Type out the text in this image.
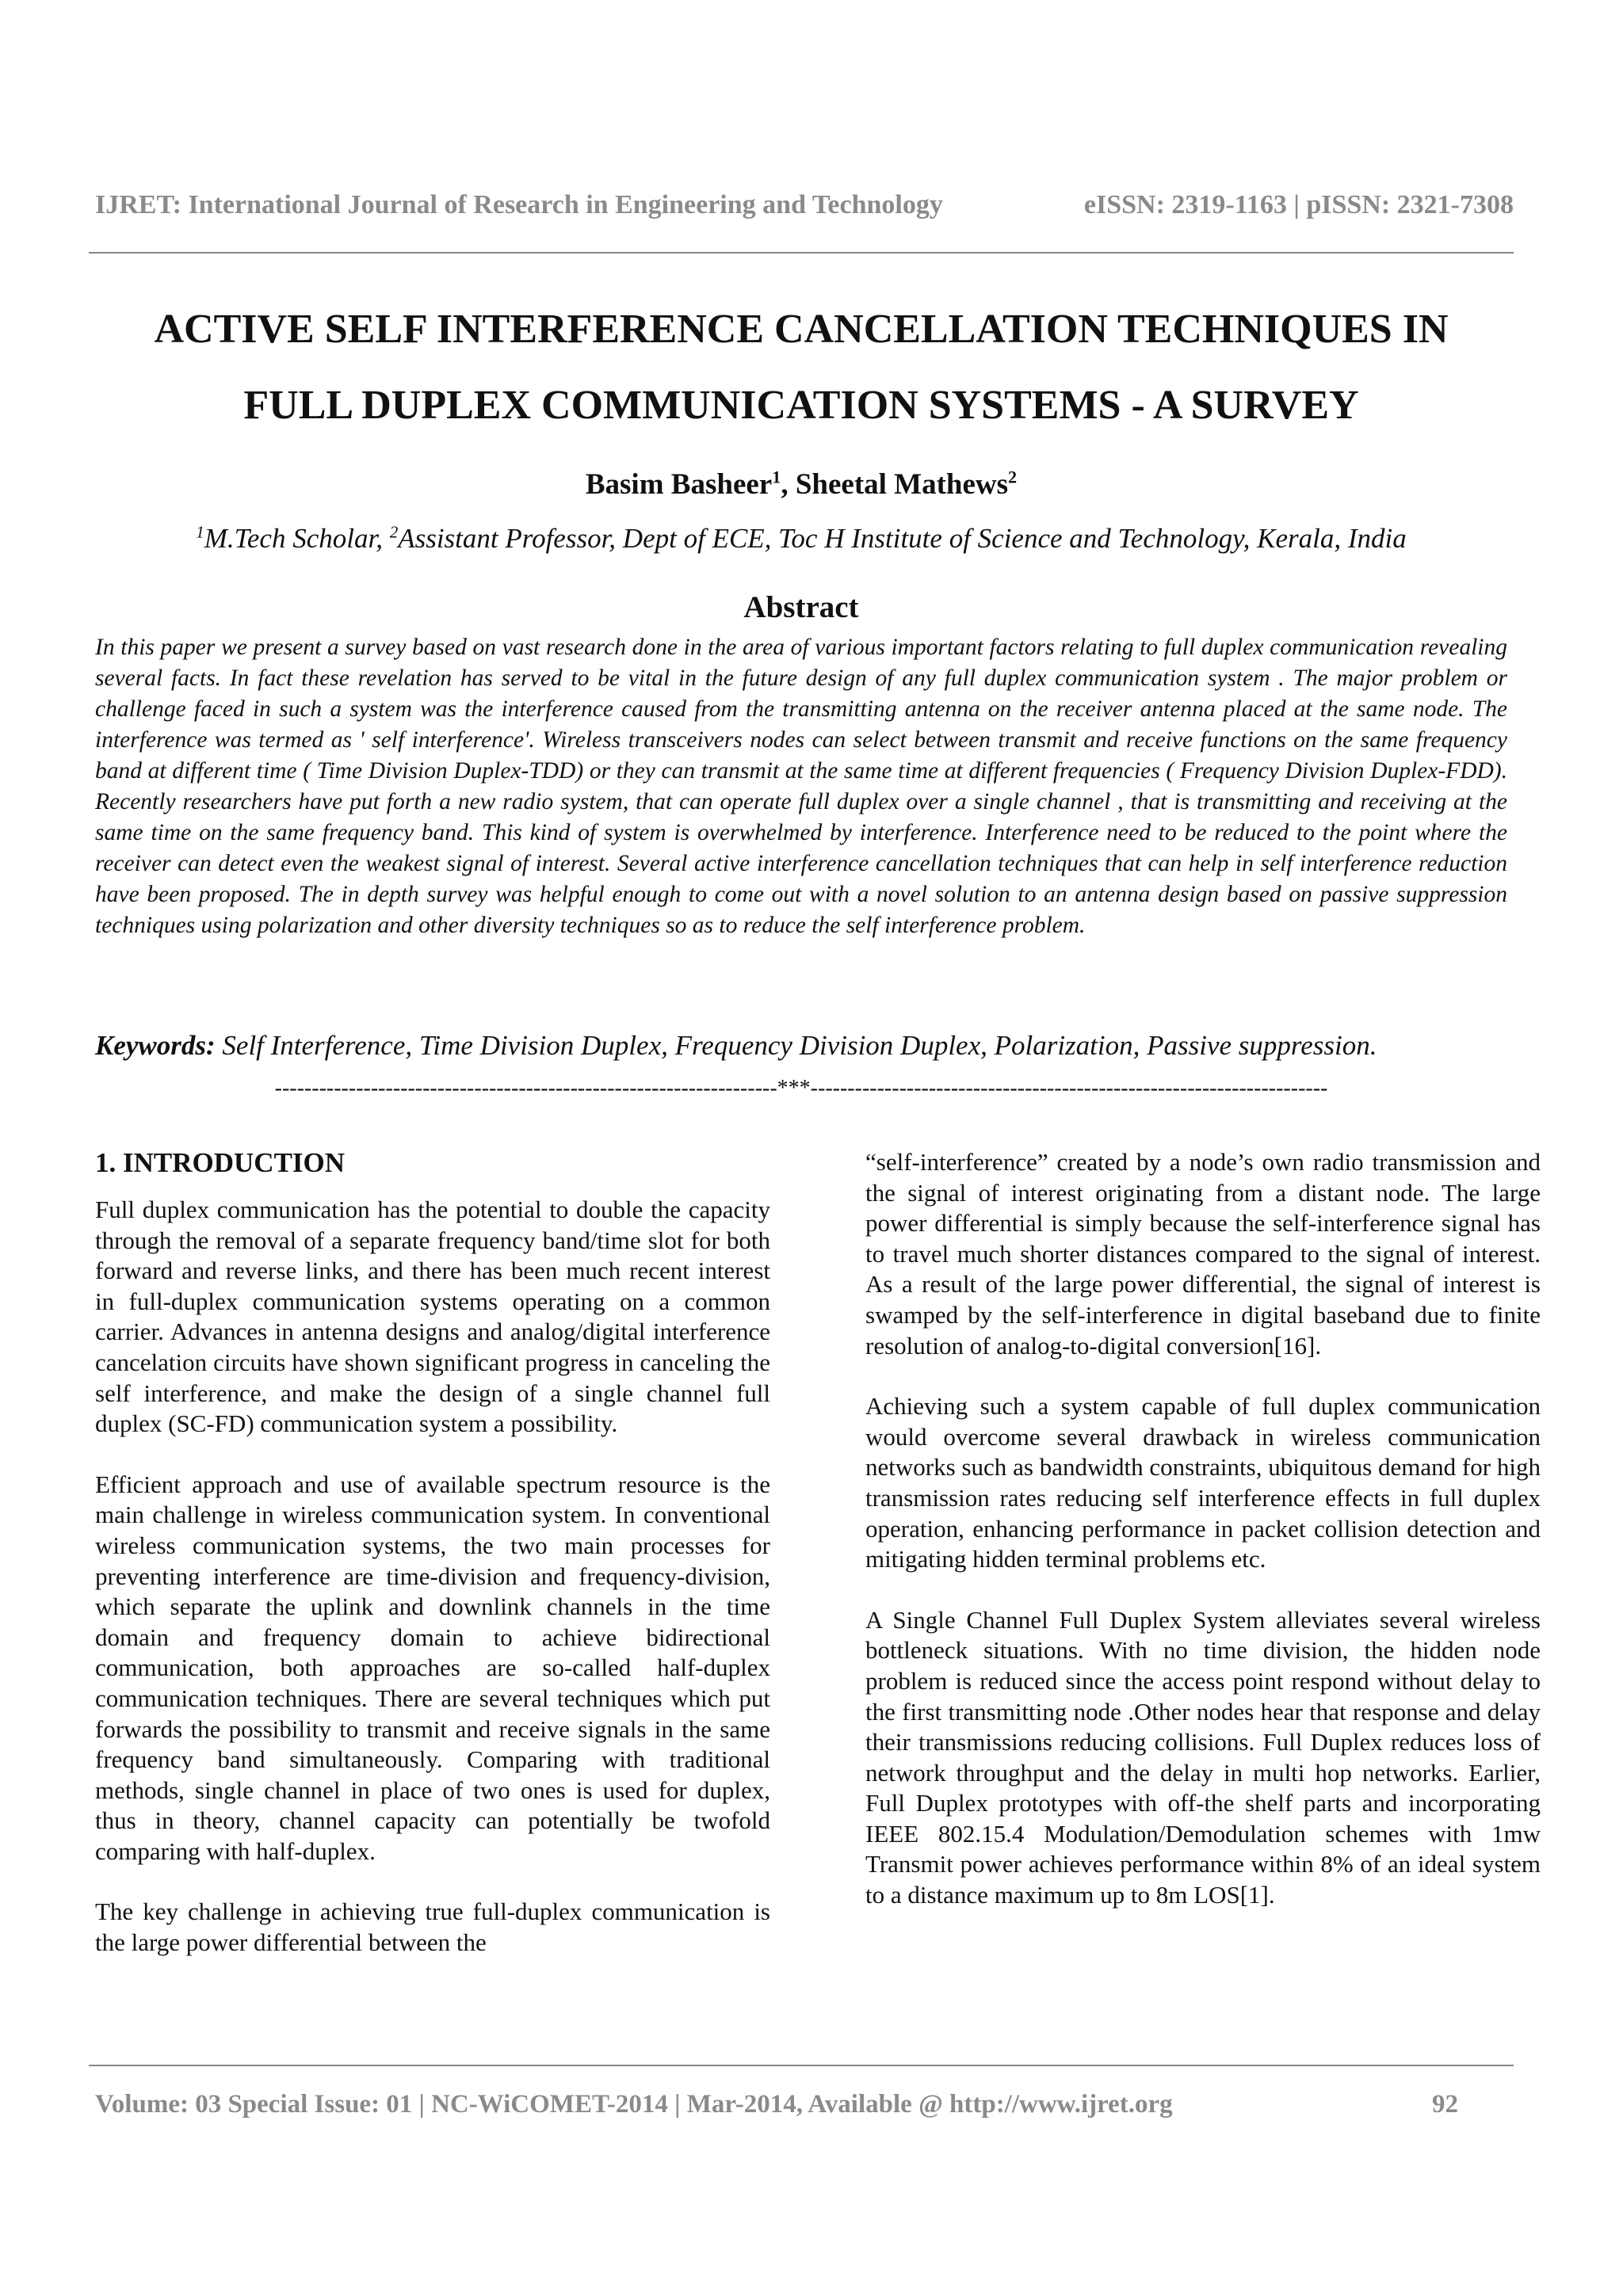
IJRET: International Journal of Research in Engineering and Technology	eISSN: 2319-1163 | pISSN: 2321-7308
ACTIVE SELF INTERFERENCE CANCELLATION TECHNIQUES IN
FULL DUPLEX COMMUNICATION SYSTEMS - A SURVEY
Basim Basheer$^1$, Sheetal Mathews$^2$
$^1$M.Tech Scholar, $^2$Assistant Professor, Dept of ECE, Toc H Institute of Science and Technology, Kerala, India
Abstract

In this paper we present a survey based on vast research done in the area of various important factors relating to full duplex communication revealing several facts. In fact these revelation has served to be vital in the future design of any full duplex communication system . The major problem or challenge faced in such a system was the interference caused from the transmitting antenna on the receiver antenna placed at the same node. The interference was termed as ' self interference'. Wireless transceivers nodes can select between transmit and receive functions on the same frequency band at different time ( Time Division Duplex-TDD) or they can transmit at the same time at different frequencies ( Frequency Division Duplex-FDD). Recently researchers have put forth a new radio system, that can operate full duplex over a single channel , that is transmitting and receiving at the same time on the same frequency band. This kind of system is overwhelmed by interference. Interference need to be reduced to the point where the receiver can detect even the weakest signal of interest. Several active interference cancellation techniques that can help in self interference reduction have been proposed. The in depth survey was helpful enough to come out with a novel solution to an antenna design based on passive suppression techniques using polarization and other diversity techniques so as to reduce the self interference problem.

Keywords: Self Interference, Time Division Duplex, Frequency Division Duplex, Polarization, Passive suppression.

--------------------------------------------------------------------***----------------------------------------------------------------------
1. INTRODUCTION

Full duplex communication has the potential to double the capacity through the removal of a separate frequency band/time slot for both forward and reverse links, and there has been much recent interest in full-duplex communication systems operating on a common carrier. Advances in antenna designs and analog/digital interference cancelation circuits have shown significant progress in canceling the self interference, and make the design of a single channel full duplex (SC-FD) communication system a possibility.

Efficient approach and use of available spectrum resource is the main challenge in wireless communication system. In conventional wireless communication systems, the two main processes for preventing interference are time-division and frequency-division, which separate the uplink and downlink channels in the time domain and frequency domain to achieve bidirectional communication, both approaches are so-called half-duplex communication techniques. There are several techniques which put forwards the possibility to transmit and receive signals in the same frequency band simultaneously. Comparing with traditional methods, single channel in place of two ones is used for duplex, thus in theory, channel capacity can potentially be twofold comparing with half-duplex.

The key challenge in achieving true full-duplex communication is the large power differential between the

“self-interference” created by a node’s own radio transmission and the signal of interest originating from a distant node. The large power differential is simply because the self-interference signal has to travel much shorter distances compared to the signal of interest. As a result of the large power differential, the signal of interest is swamped by the self-interference in digital baseband due to finite resolution of analog-to-digital conversion[16].

Achieving such a system capable of full duplex communication would overcome several drawback in wireless communication networks such as bandwidth constraints, ubiquitous demand for high transmission rates reducing self interference effects in full duplex operation, enhancing performance in packet collision detection and mitigating hidden terminal problems etc.

A Single Channel Full Duplex System alleviates several wireless bottleneck situations. With no time division, the hidden node problem is reduced since the access point respond without delay to the first transmitting node .Other nodes hear that response and delay their transmissions reducing collisions. Full Duplex reduces loss of network throughput and the delay in multi hop networks. Earlier, Full Duplex prototypes with off-the shelf parts and incorporating IEEE 802.15.4 Modulation/Demodulation schemes with 1mw Transmit power achieves performance within 8% of an ideal system to a distance maximum up to 8m LOS[1].

Volume: 03 Special Issue: 01 | NC-WiCOMET-2014 | Mar-2014, Available @ http://www.ijret.org	92
